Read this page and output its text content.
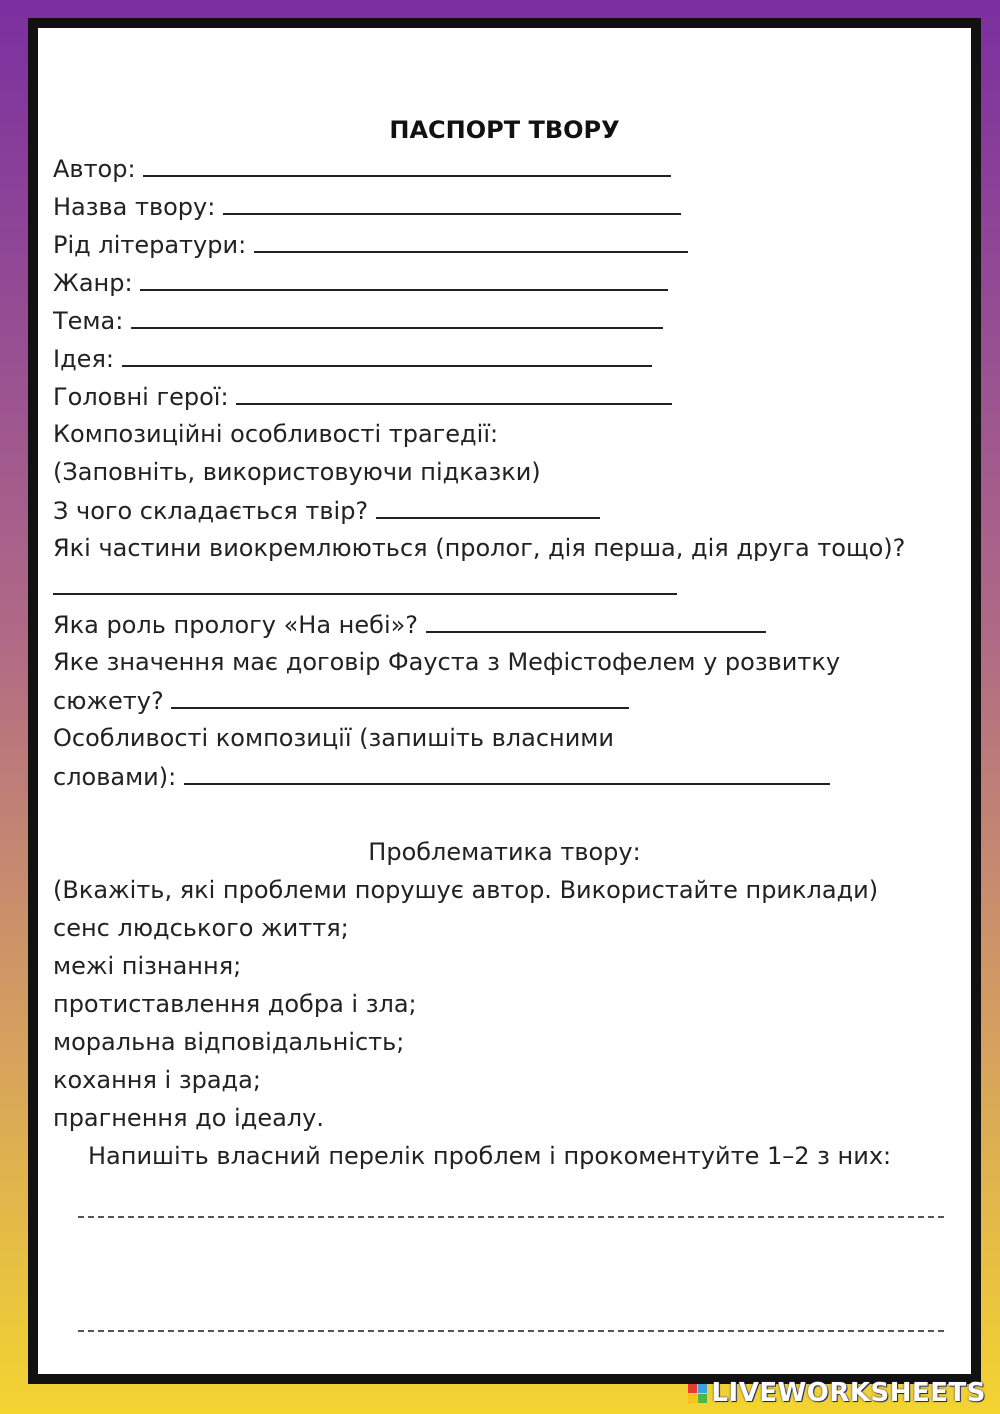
ПАСПОРТ ТВОРУ
Автор:
Назва твору:
Рід літератури:
Жанр:
Тема:
Ідея:
Головні герої:
Композиційні особливості трагедії:
(Заповніть, використовуючи підказки)
З чого складається твір?
Які частини виокремлюються (пролог, дія перша, дія друга тощо)?
Яка роль прологу «На небі»?
Яке значення має договір Фауста з Мефістофелем у розвитку
сюжету?
Особливості композиції (запишіть власними
словами):
Проблематика твору:
(Вкажіть, які проблеми порушує автор. Використайте приклади)
сенс людського життя;
межі пізнання;
протиставлення добра і зла;
моральна відповідальність;
кохання і зрада;
прагнення до ідеалу.
Напишіть власний перелік проблем і прокоментуйте 1–2 з них:
LIVEWORKSHEETS
